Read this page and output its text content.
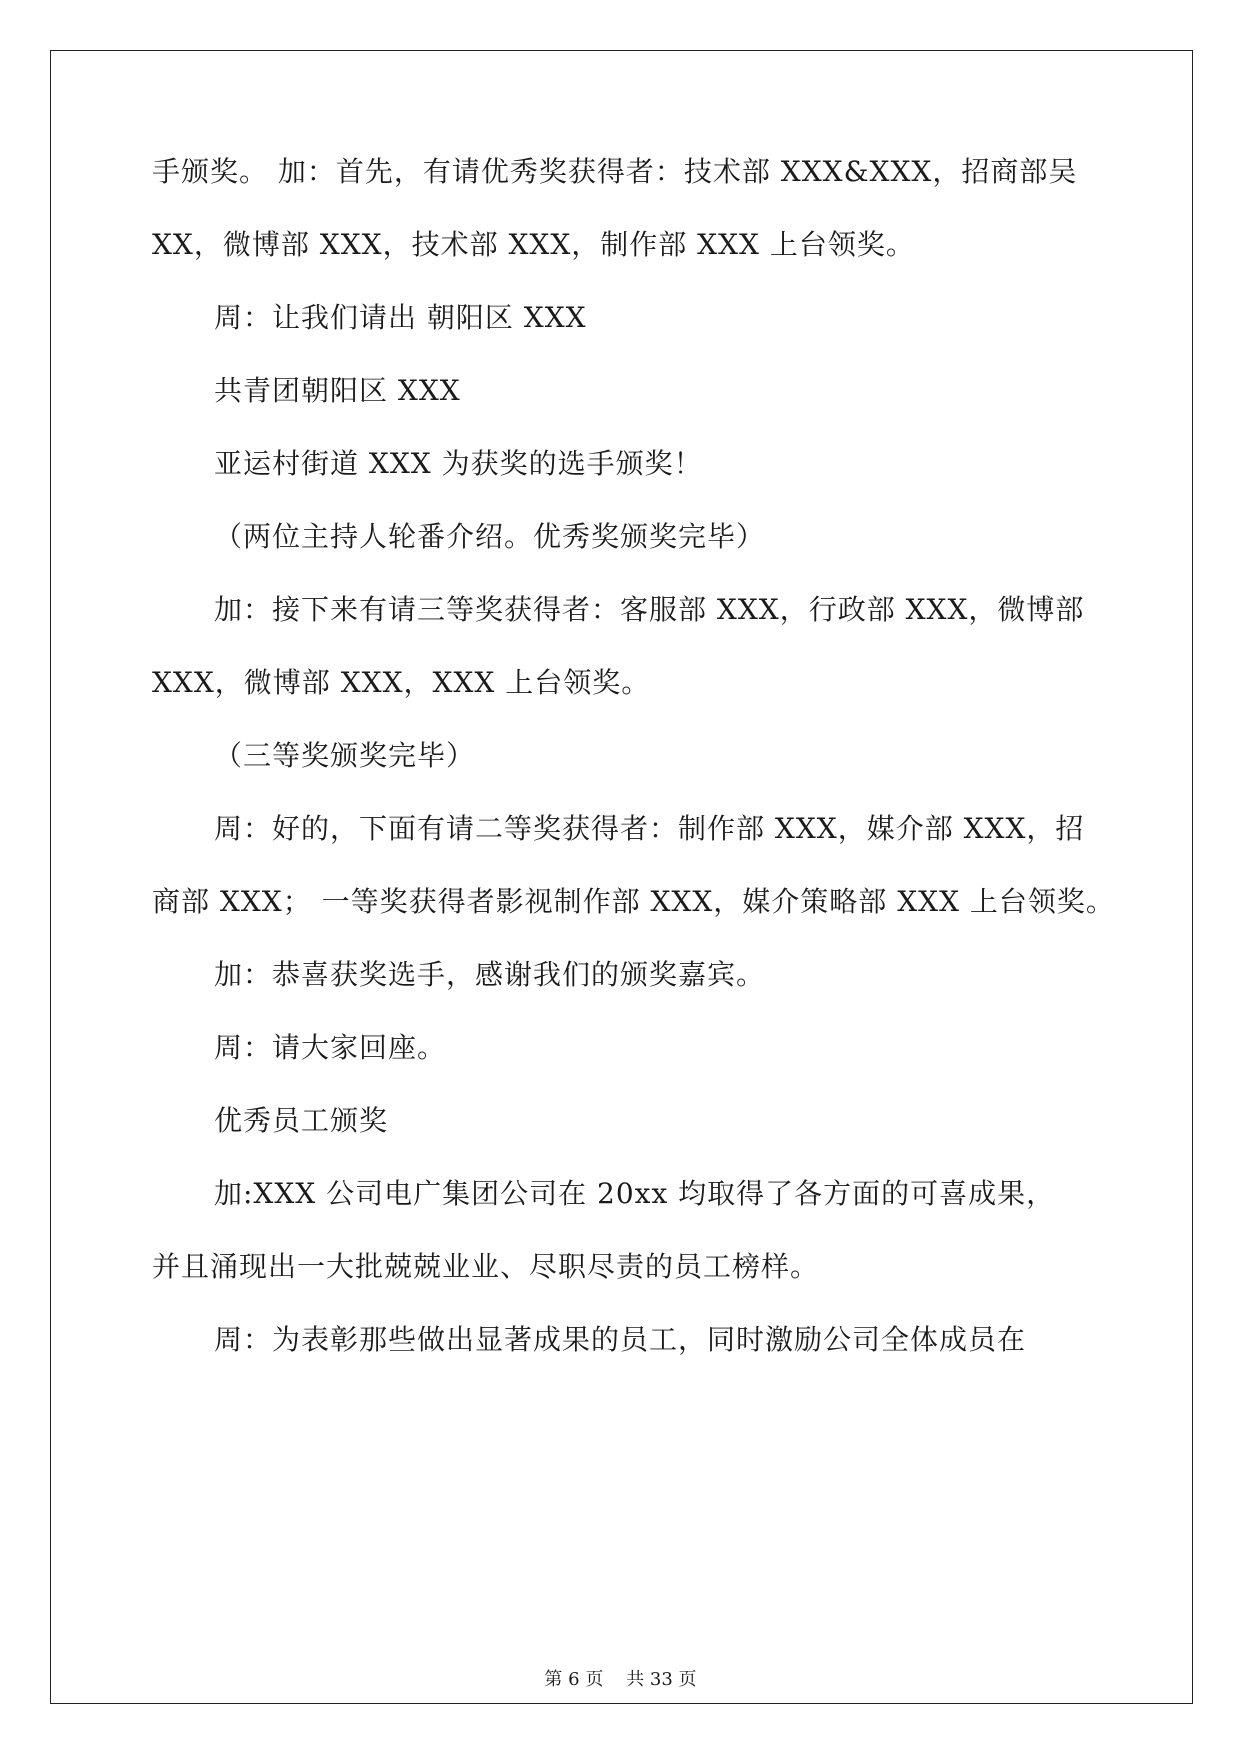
手颁奖。 加：首先，有请优秀奖获得者：技术部 XXX&XXX，招商部吴
XX，微博部 XXX，技术部 XXX，制作部 XXX 上台领奖。
周：让我们请出 朝阳区 XXX
共青团朝阳区 XXX
亚运村街道 XXX 为获奖的选手颁奖！
（两位主持人轮番介绍。优秀奖颁奖完毕）
加：接下来有请三等奖获得者：客服部 XXX，行政部 XXX，微博部
XXX，微博部 XXX，XXX 上台领奖。
（三等奖颁奖完毕）
周：好的，下面有请二等奖获得者：制作部 XXX，媒介部 XXX，招
商部 XXX； 一等奖获得者影视制作部 XXX，媒介策略部 XXX 上台领奖。
加：恭喜获奖选手，感谢我们的颁奖嘉宾。
周：请大家回座。
优秀员工颁奖
加:XXX 公司电广集团公司在 20xx 均取得了各方面的可喜成果，
并且涌现出一大批兢兢业业、尽职尽责的员工榜样。
周：为表彰那些做出显著成果的员工，同时激励公司全体成员在
第 6 页    共 33 页
